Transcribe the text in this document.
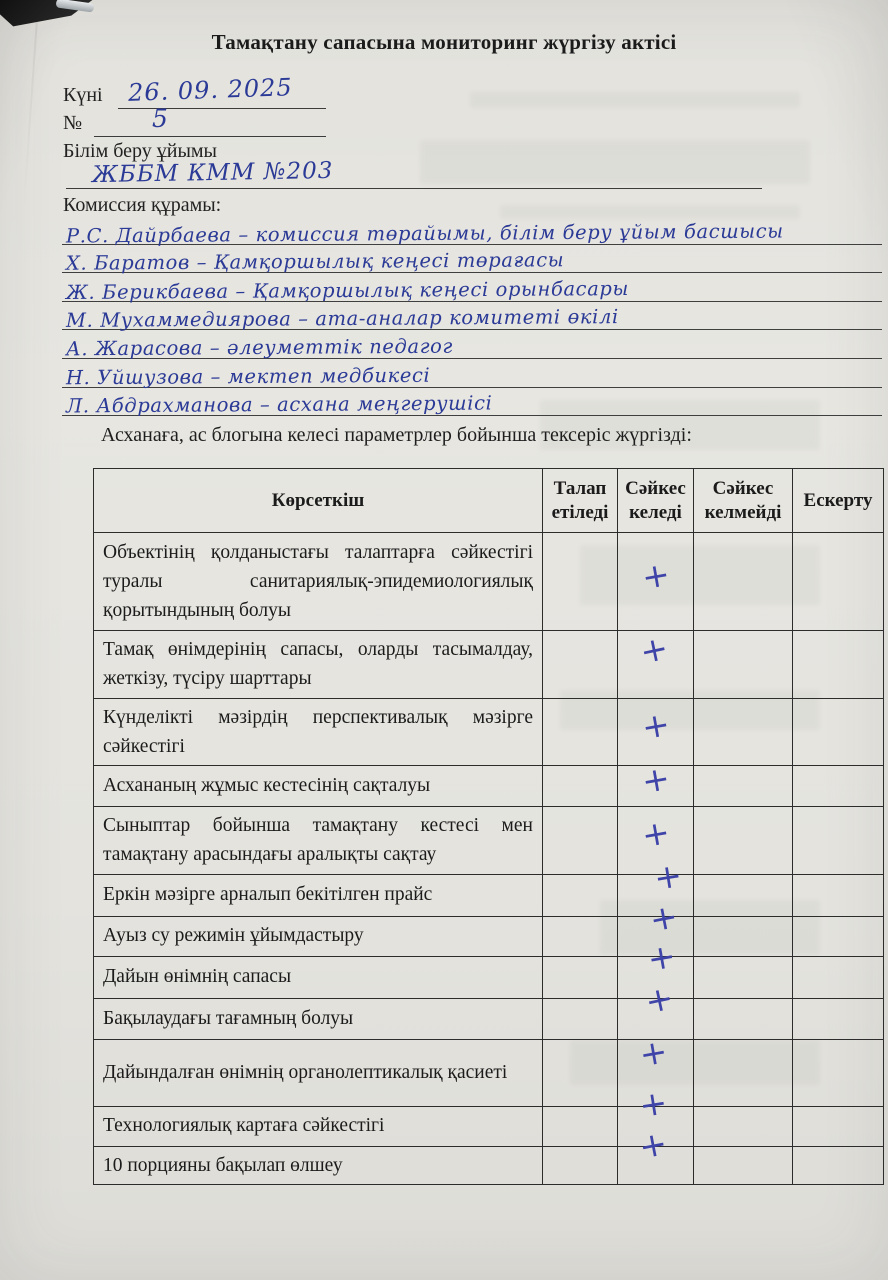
Тамақтану сапасына мониторинг жүргізу актісі
Күні 26. 09. 2025
№	5
Білім беру ұйымы
ЖББМ КММ №203
Комиссия құрамы:
Р.С. Дайрбаева – комиссия төрайымы, білім беру ұйым басшысы
Х. Баратов – Қамқоршылық кеңесі төрағасы
Ж. Берикбаева – Қамқоршылық кеңесі орынбасары
М. Мухаммедиярова – ата-аналар комитеті өкілі
А. Жарасова – әлеуметтік педагог
Н. Уйшузова – мектеп медбикесі
Л. Абдрахманова – асхана меңгерушісі
Асханаға, ас блогына келесі параметрлер бойынша тексеріс жүргізді:
Көрсеткіш	Талап етіледі	Сәйкес келеді	Сәйкес келмейді	Ескерту
Объектінің қолданыстағы талаптарға сәйкестігі туралы санитариялық-эпидемиологиялық қорытындының болуы		+		
Тамақ өнімдерінің сапасы, оларды тасымалдау, жеткізу, түсіру шарттары		+		
Күнделікті мәзірдің перспективалық мәзірге сәйкестігі		+		
Асхананың жұмыс кестесінің сақталуы		+		
Сыныптар бойынша тамақтану кестесі мен тамақтану арасындағы аралықты сақтау		+		
Еркін мәзірге арналып бекітілген прайс		+		
Ауыз су режимін ұйымдастыру		+		
Дайын өнімнің сапасы		+		
Бақылаудағы тағамның болуы		+		
Дайындалған өнімнің органолептикалық қасиеті		+		
Технологиялық картаға сәйкестігі		+		
10 порцияны бақылап өлшеу		+		
